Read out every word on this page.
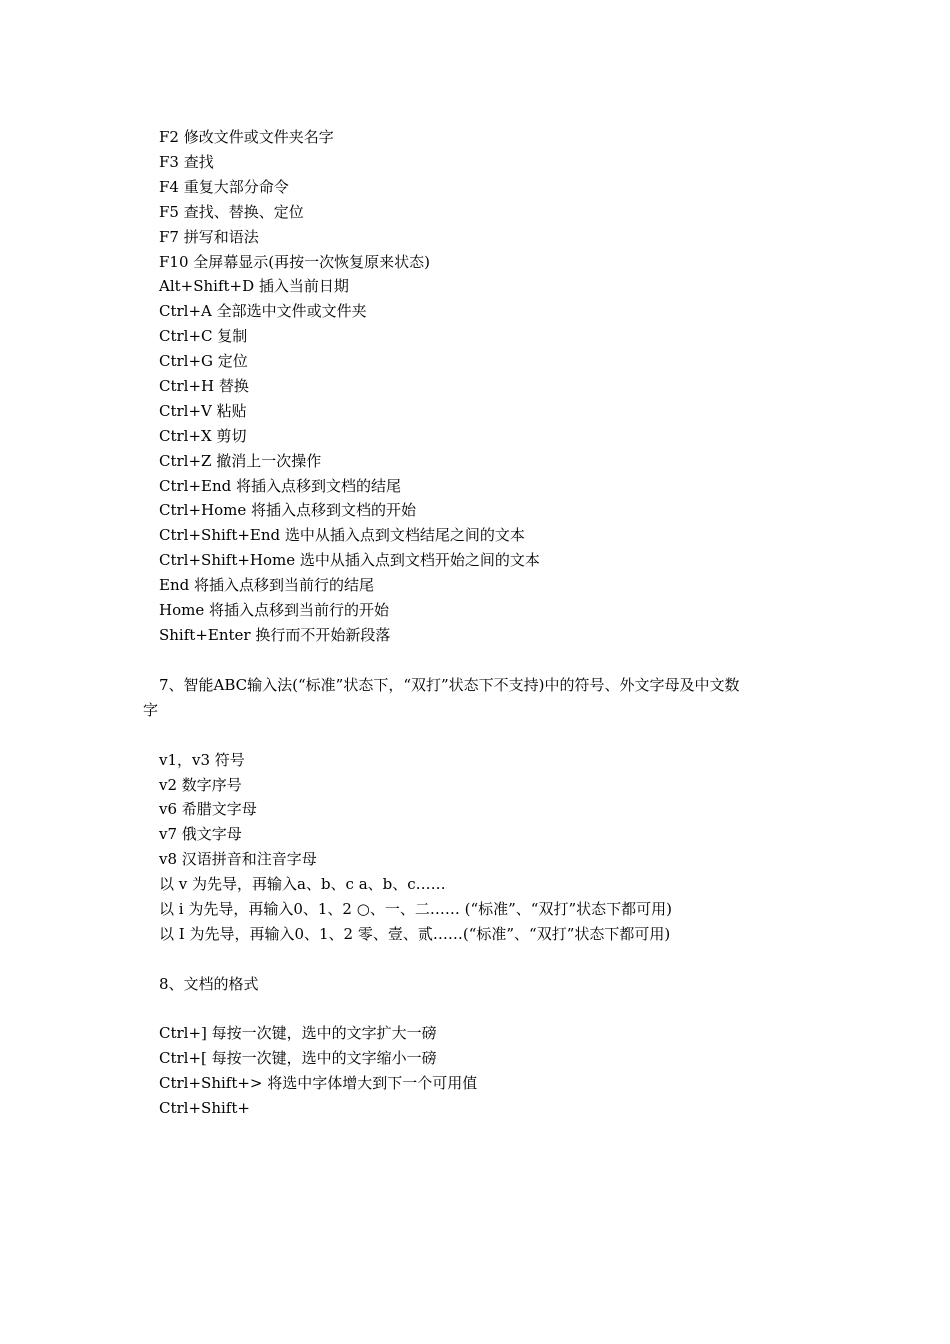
F2 修改文件或文件夹名字
F3 查找
F4 重复大部分命令
F5 查找、替换、定位
F7 拼写和语法
F10 全屏幕显示(再按一次恢复原来状态)
Alt+Shift+D 插入当前日期
Ctrl+A 全部选中文件或文件夹
Ctrl+C 复制
Ctrl+G 定位
Ctrl+H 替换
Ctrl+V 粘贴
Ctrl+X 剪切
Ctrl+Z 撤消上一次操作
Ctrl+End 将插入点移到文档的结尾
Ctrl+Home 将插入点移到文档的开始
Ctrl+Shift+End 选中从插入点到文档结尾之间的文本
Ctrl+Shift+Home 选中从插入点到文档开始之间的文本
End 将插入点移到当前行的结尾
Home 将插入点移到当前行的开始
Shift+Enter 换行而不开始新段落
7、智能ABC输入法(“标准”状态下，“双打”状态下不支持)中的符号、外文字母及中文数
字
v1，v3 符号
v2 数字序号
v6 希腊文字母
v7 俄文字母
v8 汉语拼音和注音字母
以 v 为先导，再输入a、b、c a、b、c……
以 i 为先导，再输入0、1、2 ○、一、二…… (“标准”、“双打”状态下都可用)
以 I 为先导，再输入0、1、2 零、壹、贰……(“标准”、“双打”状态下都可用)
8、文档的格式
Ctrl+] 每按一次键，选中的文字扩大一磅
Ctrl+[ 每按一次键，选中的文字缩小一磅
Ctrl+Shift+> 将选中字体增大到下一个可用值
Ctrl+Shift+
